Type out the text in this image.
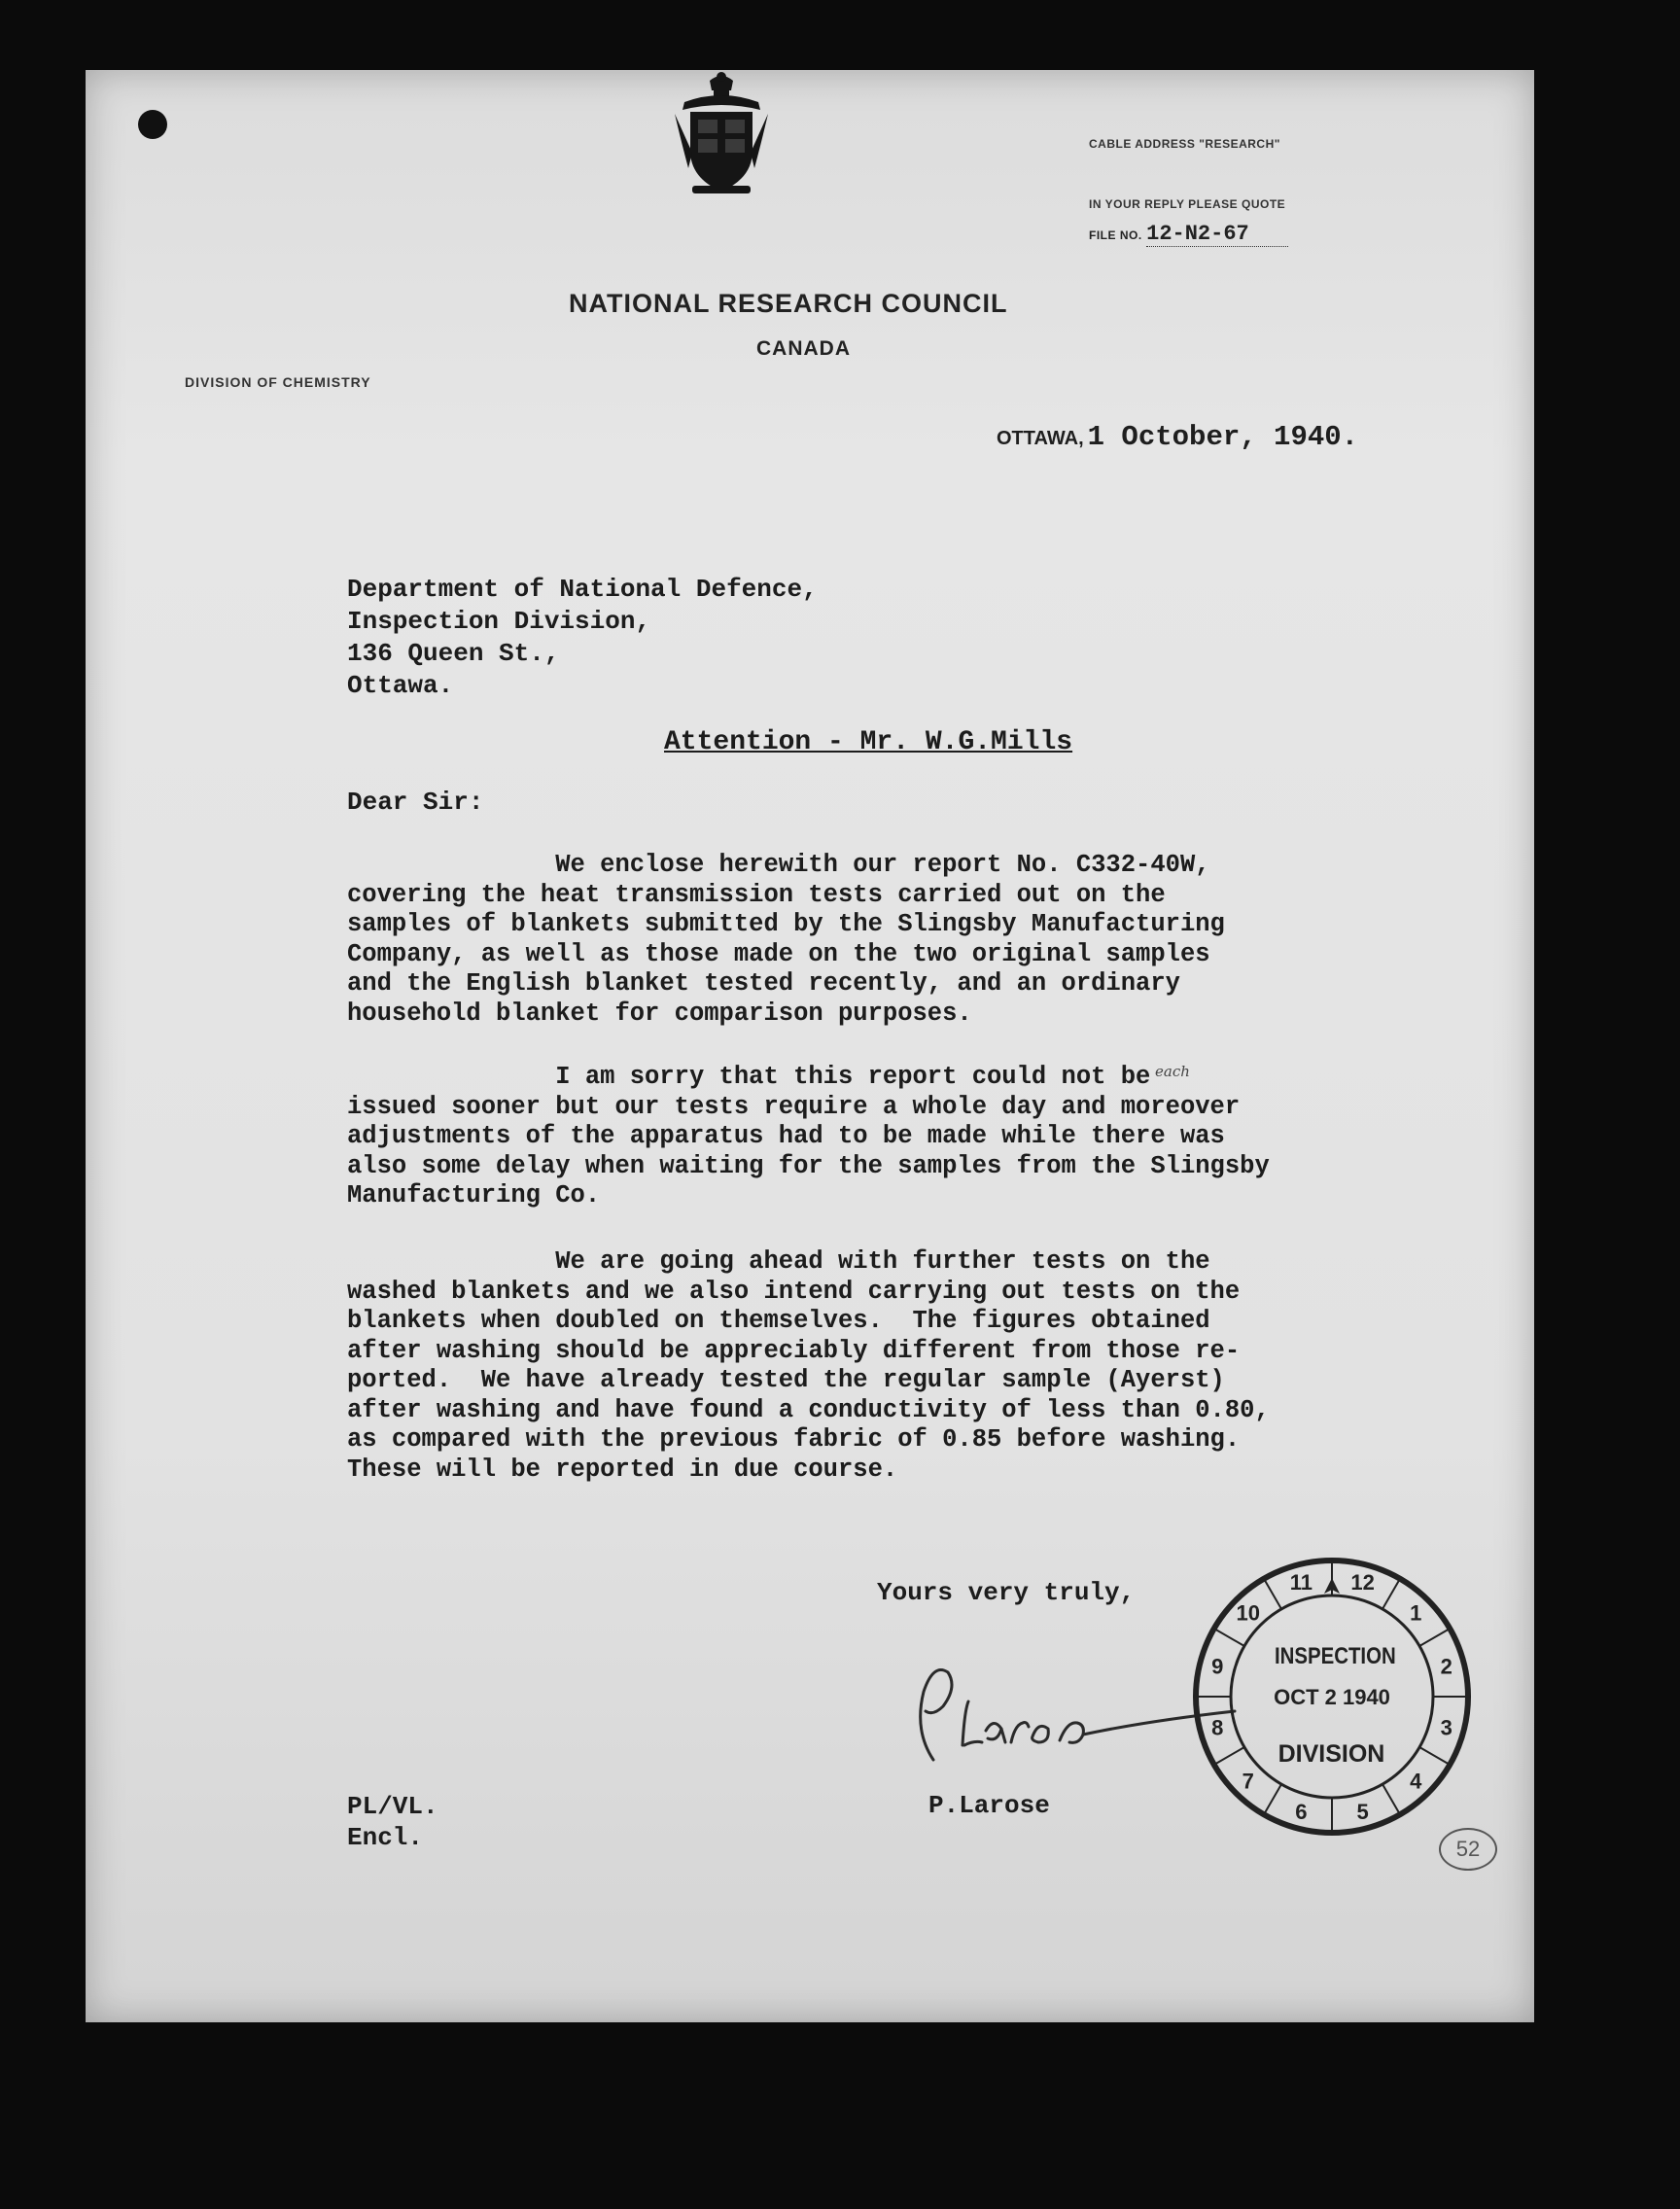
CABLE ADDRESS "RESEARCH"
IN YOUR REPLY PLEASE QUOTE
FILE NO. 12-N2-67
NATIONAL RESEARCH COUNCIL
CANADA
DIVISION OF CHEMISTRY
OTTAWA, 1 October, 1940.
Department of National Defence,
Inspection Division,
136 Queen St.,
Ottawa.
Attention - Mr. W.G.Mills
Dear Sir:
We enclose herewith our report No. C332-40W,
covering the heat transmission tests carried out on the
samples of blankets submitted by the Slingsby Manufacturing
Company, as well as those made on the two original samples
and the English blanket tested recently, and an ordinary
household blanket for comparison purposes.
I am sorry that this report could not be
issued sooner but our tests require a whole day and moreover
adjustments of the apparatus had to be made while there was
also some delay when waiting for the samples from the Slingsby
Manufacturing Co.
We are going ahead with further tests on the
washed blankets and we also intend carrying out tests on the
blankets when doubled on themselves.  The figures obtained
after washing should be appreciably different from those re-
ported.  We have already tested the regular sample (Ayerst)
after washing and have found a conductivity of less than 0.80,
as compared with the previous fabric of 0.85 before washing.
These will be reported in due course.
each
Yours very truly,
P.Larose
PL/VL.
Encl.
12
1
2
3
4
5
6
7
8
9
10
11
INSPECTION
OCT 2 1940
DIVISION
52
